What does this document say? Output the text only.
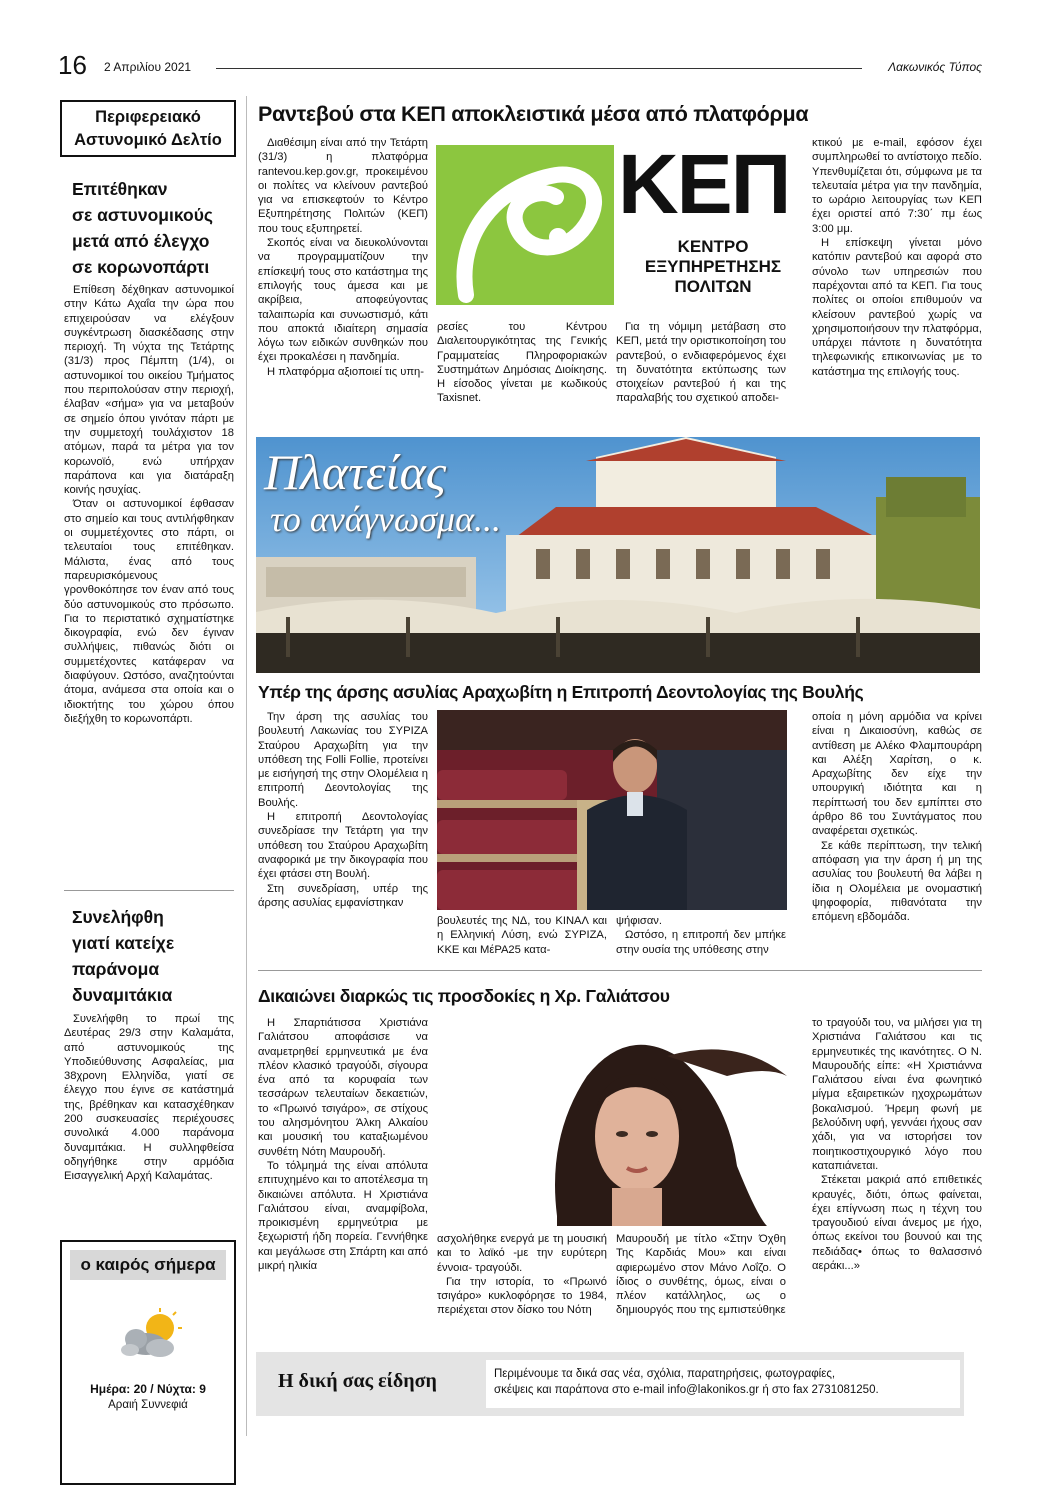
16 2 Απριλίου 2021	Λακωνικός Τύπος
Περιφερειακό
Αστυνομικό Δελτίο
Επιτέθηκαν
σε αστυνομικούς
μετά από έλεγχο
σε κορωνοπάρτι

Επίθεση δέχθηκαν αστυνομικοί στην Κάτω Αχαΐα την ώρα που επιχειρούσαν να ελέγξουν συγκέντρωση διασκέδασης στην περιοχή. Τη νύχτα της Τετάρτης (31/3) προς Πέμπτη (1/4), οι αστυνομικοί του οικείου Τμήματος που περιπολούσαν στην περιοχή, έλαβαν «σήμα» για να μεταβούν σε σημείο όπου γινόταν πάρτι με την συμμετοχή τουλάχιστον 18 ατόμων, παρά τα μέτρα για τον κορωνοϊό, ενώ υπήρχαν παράπονα και για διατάραξη κοινής ησυχίας.

Όταν οι αστυνομικοί έφθασαν στο σημείο και τους αντιλήφθηκαν οι συμμετέχοντες στο πάρτι, οι τελευταίοι τους επιτέθηκαν. Μάλιστα, ένας από τους παρευρισκόμενους γρονθοκόπησε τον έναν από τους δύο αστυνομικούς στο πρόσωπο. Για το περιστατικό σχηματίστηκε δικογραφία, ενώ δεν έγιναν συλλήψεις, πιθανώς διότι οι συμμετέχοντες κατάφεραν να διαφύγουν. Ωστόσο, αναζητούνται άτομα, ανάμεσα στα οποία και ο ιδιοκτήτης του χώρου όπου διεξήχθη το κορωνοπάρτι.

Συνελήφθη
γιατί κατείχε
παράνομα
δυναμιτάκια

Συνελήφθη το πρωί της Δευτέρας 29/3 στην Καλαμάτα, από αστυνομικούς της Υποδιεύθυνσης Ασφαλείας, μια 38χρονη Ελληνίδα, γιατί σε έλεγχο που έγινε σε κατάστημά της, βρέθηκαν και κατασχέθηκαν 200 συσκευασίες περιέχουσες συνολικά 4.000 παράνομα δυναμιτάκια. Η συλληφθείσα οδηγήθηκε στην αρμόδια Εισαγγελική Αρχή Καλαμάτας.

ο καιρός σήμερα
Ημέρα: 20 / Νύχτα: 9
Αραιή Συννεφιά
Ραντεβού στα ΚΕΠ αποκλειστικά μέσα από πλατφόρμα

Διαθέσιμη είναι από την Τετάρτη (31/3) η πλατφόρμα rantevou.kep.gov.gr, προκειμένου οι πολίτες να κλείνουν ραντεβού για να επισκεφτούν το Κέντρο Εξυπηρέτησης Πολιτών (ΚΕΠ) που τους εξυπηρετεί.

Σκοπός είναι να διευκολύνονται να προγραμματίζουν την επίσκεψή τους στο κατάστημα της επιλογής τους άμεσα και με ακρίβεια, αποφεύγοντας ταλαιπωρία και συνωστισμό, κάτι που αποκτά ιδιαίτερη σημασία λόγω των ειδικών συνθηκών που έχει προκαλέσει η πανδημία.

Η πλατφόρμα αξιοποιεί τις υπη-

ΚΕΠ
ΚΕΝΤΡΟ
ΕΞΥΠΗΡΕΤΗΣΗΣ
ΠΟΛΙΤΩΝ

ρεσίες του Κέντρου Διαλειτουργικότητας της Γενικής Γραμματείας Πληροφοριακών Συστημάτων Δημόσιας Διοίκησης. Η είσοδος γίνεται με κωδικούς Taxisnet.

Για τη νόμιμη μετάβαση στο ΚΕΠ, μετά την οριστικοποίηση του ραντεβού, ο ενδιαφερόμενος έχει τη δυνατότητα εκτύπωσης των στοιχείων ραντεβού ή και της παραλαβής του σχετικού αποδει-

κτικού με e-mail, εφόσον έχει συμπληρωθεί το αντίστοιχο πεδίο. Υπενθυμίζεται ότι, σύμφωνα με τα τελευταία μέτρα για την πανδημία, το ωράριο λειτουργίας των ΚΕΠ έχει οριστεί από 7:30΄ πμ έως 3:00 μμ.

Η επίσκεψη γίνεται μόνο κατόπιν ραντεβού και αφορά στο σύνολο των υπηρεσιών που παρέχονται από τα ΚΕΠ. Για τους πολίτες οι οποίοι επιθυμούν να κλείσουν ραντεβού χωρίς να χρησιμοποιήσουν την πλατφόρμα, υπάρχει πάντοτε η δυνατότητα τηλεφωνικής επικοινωνίας με το κατάστημα της επιλογής τους.

Πλατείας
το ανάγνωσμα...
Υπέρ της άρσης ασυλίας Αραχωβίτη η Επιτροπή Δεοντολογίας της Βουλής

Την άρση της ασυλίας του βουλευτή Λακωνίας του ΣΥΡΙΖΑ Σταύρου Αραχωβίτη για την υπόθεση της Folli Follie, προτείνει με εισήγησή της στην Ολομέλεια η επιτροπή Δεοντολογίας της Βουλής.

Η επιτροπή Δεοντολογίας συνεδρίασε την Τετάρτη για την υπόθεση του Σταύρου Αραχωβίτη αναφορικά με την δικογραφία που έχει φτάσει στη Βουλή.

Στη συνεδρίαση, υπέρ της άρσης ασυλίας εμφανίστηκαν

βουλευτές της ΝΔ, του ΚΙΝΑΛ και η Ελληνική Λύση, ενώ ΣΥΡΙΖΑ, ΚΚΕ και ΜέΡΑ25 κατα-

ψήφισαν.

Ωστόσο, η επιτροπή δεν μπήκε στην ουσία της υπόθεσης στην

οποία η μόνη αρμόδια να κρίνει είναι η Δικαιοσύνη, καθώς σε αντίθεση με Αλέκο Φλαμπουράρη και Αλέξη Χαρίτση, ο κ. Αραχωβίτης δεν είχε την υπουργική ιδιότητα και η περίπτωσή του δεν εμπίπτει στο άρθρο 86 του Συντάγματος που αναφέρεται σχετικώς.

Σε κάθε περίπτωση, την τελική απόφαση για την άρση ή μη της ασυλίας του βουλευτή θα λάβει η ίδια η Ολομέλεια με ονομαστική ψηφοφορία, πιθανότατα την επόμενη εβδομάδα.

Δικαιώνει διαρκώς τις προσδοκίες η Χρ. Γαλιάτσου

Η Σπαρτιάτισσα Χριστιάνα Γαλιάτσου αποφάσισε να αναμετρηθεί ερμηνευτικά με ένα πλέον κλασικό τραγούδι, σίγουρα ένα από τα κορυφαία των τεσσάρων τελευταίων δεκαετιών, το «Πρωινό τσιγάρο», σε στίχους του αλησμόνητου Άλκη Αλκαίου και μουσική του καταξιωμένου συνθέτη Νότη Μαυρουδή.

Το τόλμημά της είναι απόλυτα επιτυχημένο και το αποτέλεσμα τη δικαιώνει απόλυτα. Η Χριστιάνα Γαλιάτσου είναι, αναμφίβολα, προικισμένη ερμηνεύτρια με ξεχωριστή ήδη πορεία. Γεννήθηκε και μεγάλωσε στη Σπάρτη και από μικρή ηλικία

ασχολήθηκε ενεργά με τη μουσική και το λαϊκό -με την ευρύτερη έννοια- τραγούδι.

Για την ιστορία, το «Πρωινό τσιγάρο» κυκλοφόρησε το 1984, περιέχεται στον δίσκο του Νότη

Μαυρουδή με τίτλο «Στην Όχθη Της Καρδιάς Μου» και είναι αφιερωμένο στον Μάνο Λοΐζο. Ο ίδιος ο συνθέτης, όμως, είναι ο πλέον κατάλληλος, ως ο δημιουργός που της εμπιστεύθηκε

το τραγούδι του, να μιλήσει για τη Χριστιάνα Γαλιάτσου και τις ερμηνευτικές της ικανότητες. Ο Ν. Μαυρουδής είπε: «Η Χριστιάννα Γαλιάτσου είναι ένα φωνητικό μίγμα εξαιρετικών ηχοχρωμάτων βοκαλισμού. Ήρεμη φωνή με βελούδινη υφή, γεννάει ήχους σαν χάδι, για να ιστορήσει τον ποιητικοστιχουργικό λόγο που καταπιάνεται.

Στέκεται μακριά από επιθετικές κραυγές, διότι, όπως φαίνεται, έχει επίγνωση πως η τέχνη του τραγουδιού είναι άνεμος με ήχο, όπως εκείνοι του βουνού και της πεδιάδας• όπως το θαλασσινό αεράκι...»

Η δική σας είδηση	Περιμένουμε τα δικά σας νέα, σχόλια, παρατηρήσεις, φωτογραφίες,
σκέψεις και παράπονα στο e-mail info@lakonikos.gr ή στο fax 2731081250.
